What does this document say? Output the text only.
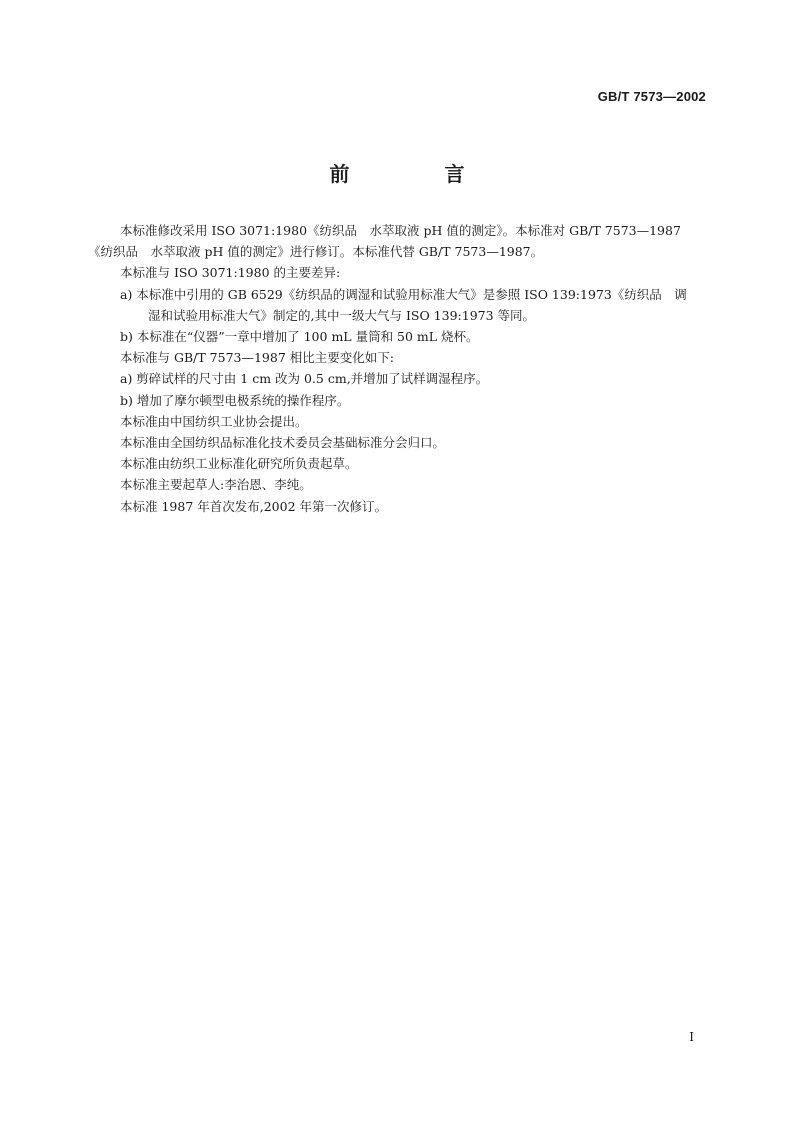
GB/T 7573—2002
前 言

本标准修改采用 ISO 3071:1980《纺织品　水萃取液 pH 值的测定》。本标准对 GB/T 7573—1987

《纺织品　水萃取液 pH 值的测定》进行修订。本标准代替 GB/T 7573—1987。

本标准与 ISO 3071:1980 的主要差异:

a) 本标准中引用的 GB 6529《纺织品的调湿和试验用标准大气》是参照 ISO 139:1973《纺织品　调

湿和试验用标准大气》制定的,其中一级大气与 ISO 139:1973 等同。

b) 本标准在“仪器”一章中增加了 100 mL 量筒和 50 mL 烧杯。

本标准与 GB/T 7573—1987 相比主要变化如下:

a) 剪碎试样的尺寸由 1 cm 改为 0.5 cm,并增加了试样调湿程序。

b) 增加了摩尔顿型电极系统的操作程序。

本标准由中国纺织工业协会提出。

本标准由全国纺织品标准化技术委员会基础标准分会归口。

本标准由纺织工业标准化研究所负责起草。

本标准主要起草人:李治恩、李纯。

本标准 1987 年首次发布,2002 年第一次修订。

I
